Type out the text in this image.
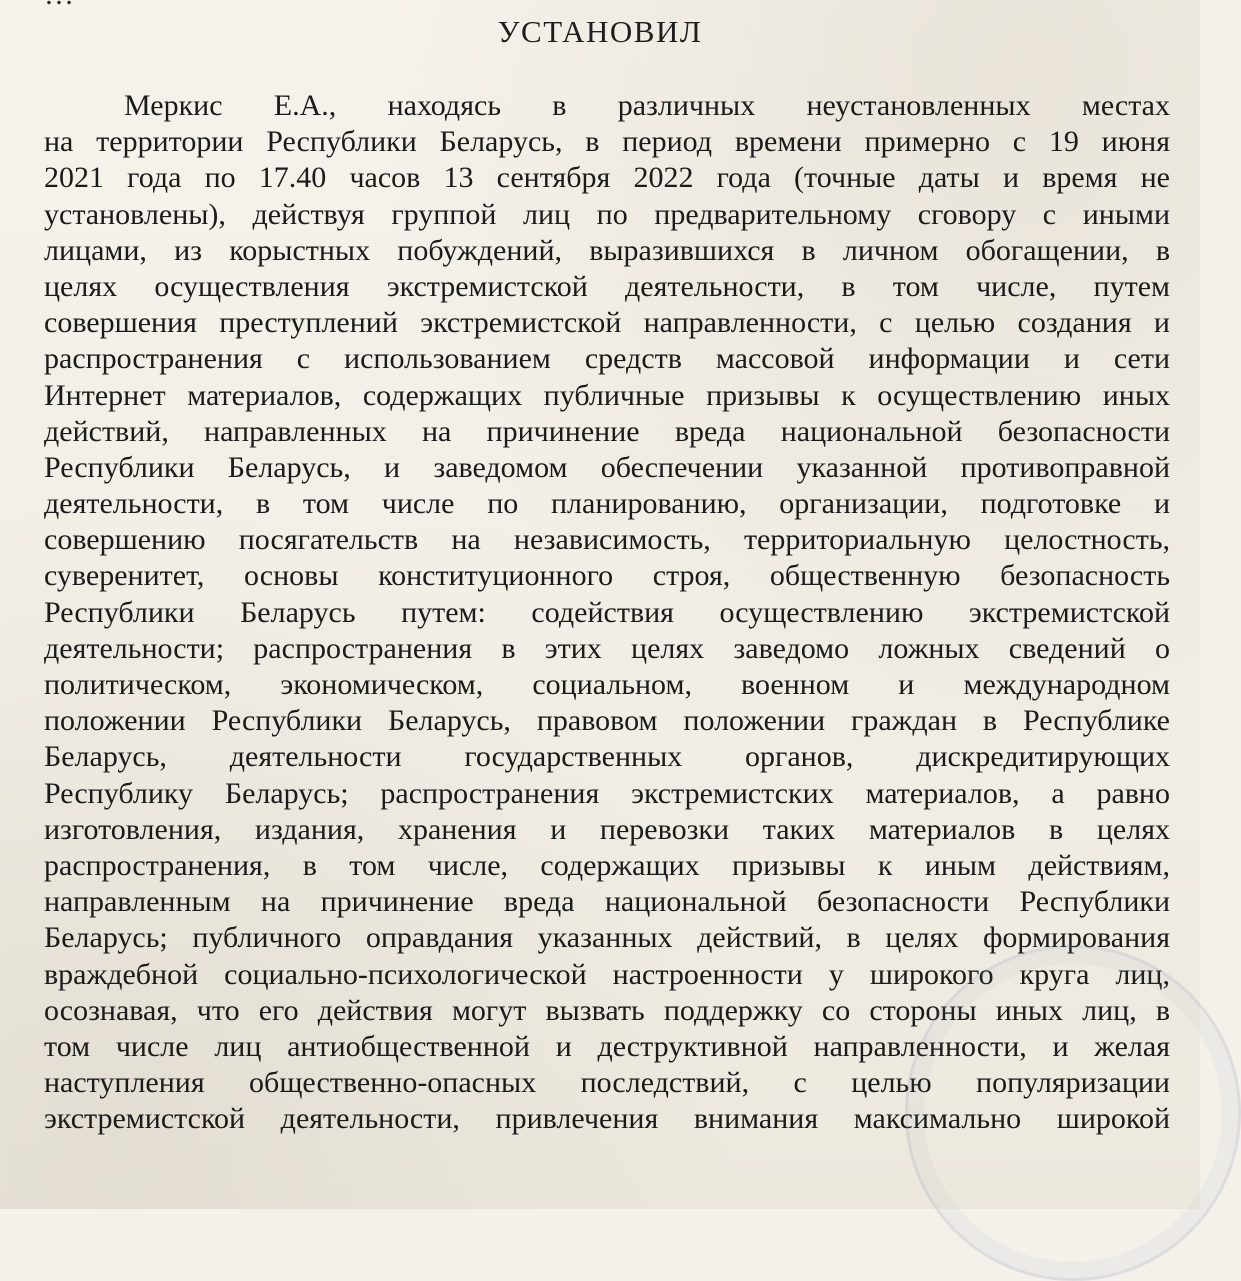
УСТАНОВИЛ
Меркис Е.А., находясь в различных неустановленных местах
на территории Республики Беларусь, в период времени примерно с 19 июня
2021 года по 17.40 часов 13 сентября 2022 года (точные даты и время не
установлены), действуя группой лиц по предварительному сговору с иными
лицами, из корыстных побуждений, выразившихся в личном обогащении, в
целях осуществления экстремистской деятельности, в том числе, путем
совершения преступлений экстремистской направленности, с целью создания и
распространения с использованием средств массовой информации и сети
Интернет материалов, содержащих публичные призывы к осуществлению иных
действий, направленных на причинение вреда национальной безопасности
Республики Беларусь, и заведомом обеспечении указанной противоправной
деятельности, в том числе по планированию, организации, подготовке и
совершению посягательств на независимость, территориальную целостность,
суверенитет, основы конституционного строя, общественную безопасность
Республики Беларусь путем: содействия осуществлению экстремистской
деятельности; распространения в этих целях заведомо ложных сведений о
политическом, экономическом, социальном, военном и международном
положении Республики Беларусь, правовом положении граждан в Республике
Беларусь, деятельности государственных органов, дискредитирующих
Республику Беларусь; распространения экстремистских материалов, а равно
изготовления, издания, хранения и перевозки таких материалов в целях
распространения, в том числе, содержащих призывы к иным действиям,
направленным на причинение вреда национальной безопасности Республики
Беларусь; публичного оправдания указанных действий, в целях формирования
враждебной социально-психологической настроенности у широкого круга лиц,
осознавая, что его действия могут вызвать поддержку со стороны иных лиц, в
том числе лиц антиобщественной и деструктивной направленности, и желая
наступления общественно-опасных последствий, с целью популяризации
экстремистской деятельности, привлечения внимания максимально широкой
